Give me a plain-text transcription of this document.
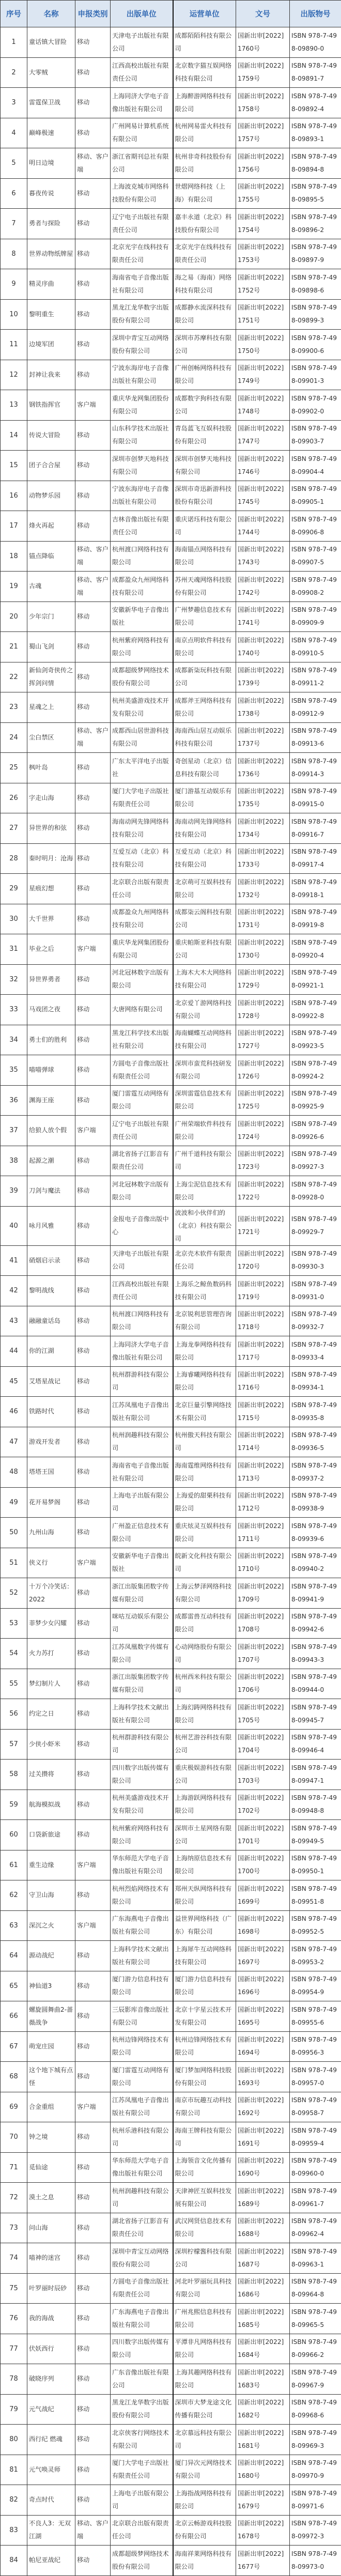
序号	名称	申报类别	出版单位	运营单位	文号	出版物号
1	童话镇大冒险	移动	天津电子出版社有限公司	成都陌陌科技有限公司	国新出审[2022]1760号	ISBN 978-7-498-09890-0
2	大零贼	移动	江西高校出版社有限责任公司	北京数字猫互娱网络科技有限公司	国新出审[2022]1759号	ISBN 978-7-498-09891-7
3	雷霆保卫战	移动	上海同济大学电子音像出版社有限公司	上海醉游网络科技有限公司	国新出审[2022]1758号	ISBN 978-7-498-09892-4
4	巅峰极速	移动	广州网易计算机系统有限公司	杭州网易雷火科技有限公司	国新出审[2022]1757号	ISBN 978-7-498-09893-1
5	明日边境	移动、客户端	浙江省期刊总社有限公司	杭州非奇科技股份有限公司	国新出审[2022]1756号	ISBN 978-7-498-09894-8
6	暮夜传说	移动	上海波克城市网络科技股份有限公司	世熠网络科技（上海）有限公司	国新出审[2022]1755号	ISBN 978-7-498-09895-5
7	勇者与探险	移动	辽宁电子出版社有限责任公司	嘉丰永道（北京）科技股份有限公司	国新出审[2022]1754号	ISBN 978-7-498-09896-2
8	世界动物纸牌屋	移动	北京光宇在线科技有限责任公司	北京光宇在线科技有限责任公司	国新出审[2022]1753号	ISBN 978-7-498-09897-9
9	精灵序曲	移动	海南省电子音像出版社有限公司	海之易（海南）网络科技有限公司	国新出审[2022]1752号	ISBN 978-7-498-09898-6
10	黎明重生	移动	黑龙江龙华数字出版股份有限公司	成都静水流深科技有限公司	国新出审[2022]1751号	ISBN 978-7-498-09899-3
11	边境军团	移动	深圳中青宝互动网络股份有限公司	深圳市苏摩科技有限公司	国新出审[2022]1750号	ISBN 978-7-498-09900-6
12	封神让我来	移动	宁波东海岸电子音像出版社有限公司	广州创畅网络科技有限公司	国新出审[2022]1749号	ISBN 978-7-498-09901-3
13	钢铁指挥官	客户端	重庆华龙网集团股份有限公司	成都数字狗科技有限公司	国新出审[2022]1748号	ISBN 978-7-498-09902-0
14	传说大冒险	移动	山东科学技术出版社有限公司	青岛蓝飞互娱科技股份有限公司	国新出审[2022]1747号	ISBN 978-7-498-09903-7
15	团子合合屋	移动	深圳市创梦天地科技有限公司	深圳市创梦天地科技有限公司	国新出审[2022]1746号	ISBN 978-7-498-09904-4
16	动物梦乐园	移动	宁波东海岸电子音像出版社有限公司	深圳市奇迅新游科技股份有限公司	国新出审[2022]1745号	ISBN 978-7-498-09905-1
17	烽火再起	移动	吉林音像出版社有限责任公司	重庆诺珏科技有限公司	国新出审[2022]1744号	ISBN 978-7-498-09906-8
18	锚点降临	移动、客户端	杭州渡口网络科技有限公司	海南锚点网络科技有限公司	国新出审[2022]1743号	ISBN 978-7-498-09907-5
19	古魂	移动、客户端	成都盈众九州网络科技有限公司	苏州天魂网络科技股份有限公司	国新出审[2022]1742号	ISBN 978-7-498-09908-2
20	少年宗门	移动	安徽新华电子音像出版社	广州梦趣信息技术有限公司	国新出审[2022]1741号	ISBN 978-7-498-09909-9
21	蜀山飞剑	移动	杭州紫府网络科技有限公司	南京点明软件科技有限公司	国新出审[2022]1740号	ISBN 978-7-498-09910-5
22	新仙剑奇侠传之挥剑问情	移动	成都超级梦网络技术股份有限公司	成都新柒玩科技有限公司	国新出审[2022]1739号	ISBN 978-7-498-09911-2
23	星魂之上	移动	杭州美盛游戏技术开发有限公司	成都斧王网络科技有限公司	国新出审[2022]1738号	ISBN 978-7-498-09912-9
24	尘白禁区	移动、客户端	成都西山居世游科技有限公司	海南西山居互动娱乐科技有限公司	国新出审[2022]1737号	ISBN 978-7-498-09913-6
25	枫叶岛	移动	广东太平洋电子出版社	奇创星动（北京）信息科技有限公司	国新出审[2022]1736号	ISBN 978-7-498-09914-3
26	字走山海	移动	厦门大学电子出版社有限责任公司	厦门游基互动娱乐有限公司	国新出审[2022]1735号	ISBN 978-7-498-09915-0
27	异世界的和弦	移动	海南动网先锋网络科技有限公司	海南动网先锋网络科技有限公司	国新出审[2022]1734号	ISBN 978-7-498-09916-7
28	秦时明月：沧海	移动	互爱互动（北京）科技有限公司	互爱互动（北京）科技有限公司	国新出审[2022]1733号	ISBN 978-7-498-09917-4
29	星痕幻想	移动	北京联合出版有限责任公司	北京萌可互娱科技有限公司	国新出审[2022]1732号	ISBN 978-7-498-09918-1
30	大千世界	移动	成都盈众九州网络科技有限公司	成都柒云阁科技有限公司	国新出审[2022]1731号	ISBN 978-7-498-09919-8
31	毕业之后	客户端	重庆华龙网集团股份有限公司	重庆帕斯亚科技有限公司	国新出审[2022]1730号	ISBN 978-7-498-09920-4
32	异世界勇者	移动	河北冠林数字出版有限公司	上海木大木大网络科技有限公司	国新出审[2022]1729号	ISBN 978-7-498-09921-1
33	马戏团之夜	移动	大唐网络有限公司	北京爱丫游网络科技有限公司	国新出审[2022]1728号	ISBN 978-7-498-09922-8
34	勇士们的胜利	移动	黑龙江科学技术出版社有限公司	海南蝴蝶互动网络科技有限公司	国新出审[2022]1727号	ISBN 978-7-498-09923-5
35	喵喵弹球	移动	方圆电子音像出版社有限责任公司	深圳市蛮荒科技研发有限公司	国新出审[2022]1726号	ISBN 978-7-498-09924-2
36	渊海王座	移动	厦门雷霆互动网络有限公司	深圳雷霆信息技术有限公司	国新出审[2022]1725号	ISBN 978-7-498-09925-9
37	给狼人放个假	客户端	辽宁电子出版社有限责任公司	广州荣端软件科技有限公司	国新出审[2022]1724号	ISBN 978-7-498-09926-6
38	起源之潮	移动	湖北省扬子江影音有限责任公司	广州千道科技有限公司	国新出审[2022]1723号	ISBN 978-7-498-09927-3
39	刀剑与魔法	移动	河北冠林数字出版有限公司	上海尘泥信息技术有限公司	国新出审[2022]1722号	ISBN 978-7-498-09928-0
40	咏月风雅	移动	金报电子音像出版中心	波波和小伙伴们的（北京）科技有限公司	国新出审[2022]1721号	ISBN 978-7-498-09929-7
41	硝烟启示录	移动	天津电子出版社有限公司	北京壳木软件有限责任公司	国新出审[2022]1720号	ISBN 978-7-498-09930-3
42	黎明战线	移动	江西高校出版社有限责任公司	上海乐之鲸鱼数码科技有限公司	国新出审[2022]1719号	ISBN 978-7-498-09931-0
43	融融童话岛	移动	杭州渡口网络科技有限公司	北京锐利思管理咨询有限公司	国新出审[2022]1718号	ISBN 978-7-498-09932-7
44	你的江湖	移动	上海同济大学电子音像出版社有限公司	上海龙拳网络科技有限公司	国新出审[2022]1717号	ISBN 978-7-498-09933-4
45	艾塔星战记	移动	杭州群游科技有限公司	上海睿曦网络科技有限公司	国新出审[2022]1716号	ISBN 978-7-498-09934-1
46	铁路时代	移动	江苏凤凰电子音像出版社有限公司	北京巨量引擎网络技术有限公司	国新出审[2022]1715号	ISBN 978-7-498-09935-8
47	游戏开发者	移动	杭州润趣科技有限公司	杭州傲天科技有限公司	国新出审[2022]1714号	ISBN 978-7-498-09936-5
48	塔塔王国	移动	海南省电子音像出版社有限公司	海南霆维网络科技有限公司	国新出审[2022]1713号	ISBN 978-7-498-09937-2
49	花开易梦阁	移动	上海电子出版有限公司	上海爱的甜栗科技有限公司	国新出审[2022]1712号	ISBN 978-7-498-09938-9
50	九州山海	移动	广州盈正信息技术有限公司	重庆炫灵互娱科技有限公司	国新出审[2022]1711号	ISBN 978-7-498-09939-6
51	侠义行	客户端	安徽新华电子音像出版社	皖新文化科技有限公司	国新出审[2022]1710号	ISBN 978-7-498-09940-2
52	十万个冷笑话：2022	移动	浙江出版集团数字传媒有限公司	上海云梦泽网络科技有限公司	国新出审[2022]1709号	ISBN 978-7-498-09941-9
53	菲梦少女闪耀	移动	咪咕互动娱乐有限公司	成都雷兽互动科技有限公司	国新出审[2022]1708号	ISBN 978-7-498-09942-6
54	火力苏打	移动	江苏凤凰数字传媒有限公司	心动网络股份有限公司	国新出审[2022]1707号	ISBN 978-7-498-09943-3
55	梦幻制片人	移动	浙江出版集团数字传媒有限公司	杭州西米科技有限公司	国新出审[2022]1706号	ISBN 978-7-498-09944-0
56	约定之日	移动	上海科学技术文献出版社有限公司	上海幻踌网络科技有限公司	国新出审[2022]1705号	ISBN 978-7-498-09945-7
57	少侠小虾米	移动	杭州群游科技有限公司	杭州艺游谷科技有限公司	国新出审[2022]1704号	ISBN 978-7-498-09946-4
58	过关攒将	移动	四川数字出版传媒有限公司	重庆极娱游科技有限公司	国新出审[2022]1703号	ISBN 978-7-498-09947-1
59	航海模拟战	移动	杭州美盛游戏技术开发有限公司	上海游跃网络科技有限公司	国新出审[2022]1702号	ISBN 978-7-498-09948-8
60	口袋新旅途	移动	杭州紫府网络科技有限公司	深圳市土星网络有限公司	国新出审[2022]1701号	ISBN 978-7-498-09949-5
61	重生边缘	客户端	华东师范大学电子音像出版社有限公司	上海纳原信息技术有限公司	国新出审[2022]1700号	ISBN 978-7-498-09950-1
62	守卫山海	移动	杭州烈焰网络技术有限公司	郑州天纵网络科技有限公司	国新出审[2022]1699号	ISBN 978-7-498-09951-8
63	深沉之火	客户端	广东海燕电子音像出版社有限公司	益世界网络科技（广东）有限公司	国新出审[2022]1698号	ISBN 978-7-498-09952-5
64	源动战纪	移动	上海科学技术文献出版社有限公司	上海犀牛互动网络科技有限公司	国新出审[2022]1697号	ISBN 978-7-498-09953-2
65	神仙道3	移动	厦门游力信息科技有限公司	厦门游力信息科技有限公司	国新出审[2022]1696号	ISBN 978-7-498-09954-9
66	螺旋圆舞曲2-蔷薇战争	移动	三辰影库音像出版社有限公司	北京十字星云技术开发有限公司	国新出审[2022]1695号	ISBN 978-7-498-09955-6
67	萌宠庄园	移动	杭州边锋网络技术有限公司	杭州边锋网络技术有限公司	国新出审[2022]1694号	ISBN 978-7-498-09956-3
68	这个地下城有点怪	移动	厦门雷霆互动网络有限公司	厦门梦加网络科技股份有限公司	国新出审[2022]1693号	ISBN 978-7-498-09957-0
69	合金重组	客户端	江苏凤凰电子音像出版社有限公司	南京市玩趣互动科技有限公司	国新出审[2022]1692号	ISBN 978-7-498-09958-7
70	钟之境	移动	杭州乐港科技有限公司	海南王牌科技有限公司	国新出审[2022]1691号	ISBN 978-7-498-09959-4
71	觅仙途	移动	华东师范大学电子音像出版社有限公司	上海领音文化传播有限公司	国新出审[2022]1690号	ISBN 978-7-498-09960-0
72	漠土之息	移动	杭州润趣科技有限公司	天津神匠互娱科技发展有限公司	国新出审[2022]1689号	ISBN 978-7-498-09961-7
73	问山海	移动	湖北省扬子江影音有限责任公司	武汉网贤信息技术有限公司	国新出审[2022]1688号	ISBN 978-7-498-09962-4
74	喵神的迷宫	移动	深圳中青宝互动网络股份有限公司	深圳柠檬酱科技有限公司	国新出审[2022]1687号	ISBN 978-7-498-09963-1
75	叶罗丽时辰砂	移动	方圆电子音像出版社有限责任公司	河北叶罗丽玩具科技有限公司	国新出审[2022]1686号	ISBN 978-7-498-09964-8
76	我的海战	移动	广东海燕电子音像出版社有限公司	广州兆熙信息科技有限公司	国新出审[2022]1685号	ISBN 978-7-498-09965-5
77	伏妖西行	移动	四川数字出版传媒有限公司	平潭非凡网络科技有限公司	国新出审[2022]1684号	ISBN 978-7-498-09966-2
78	破晓序列	移动	广东音像出版社有限公司	上海其趣网络科技有限公司	国新出审[2022]1683号	ISBN 978-7-498-09967-9
79	元气战纪	移动	黑龙江龙华数字出版股份有限公司	深圳市大梦龙途文化传播有限公司	国新出审[2022]1682号	ISBN 978-7-498-09968-6
80	西行纪 燃魂	移动	北京侠客行网络技术有限公司	北京慕远科技有限公司	国新出审[2022]1681号	ISBN 978-7-498-09969-3
81	元气唤灵师	移动	厦门大学电子出版社有限责任公司	厦门异次元网络技术有限公司	国新出审[2022]1680号	ISBN 978-7-498-09970-9
82	奇点时代	移动	上海电子出版有限公司	上海指战网络科技有限公司	国新出审[2022]1679号	ISBN 978-7-498-09971-6
83	不良人3：无双江湖	移动、客户端	北京联合出版有限责任公司	北京云畅游戏科技股份有限公司	国新出审[2022]1678号	ISBN 978-7-498-09972-3
84	帕尼亚战纪	移动	成都超级梦网络技术股份有限公司	海南祥莱网络科技有限公司	国新出审[2022]1677号	ISBN 978-7-498-09973-0
